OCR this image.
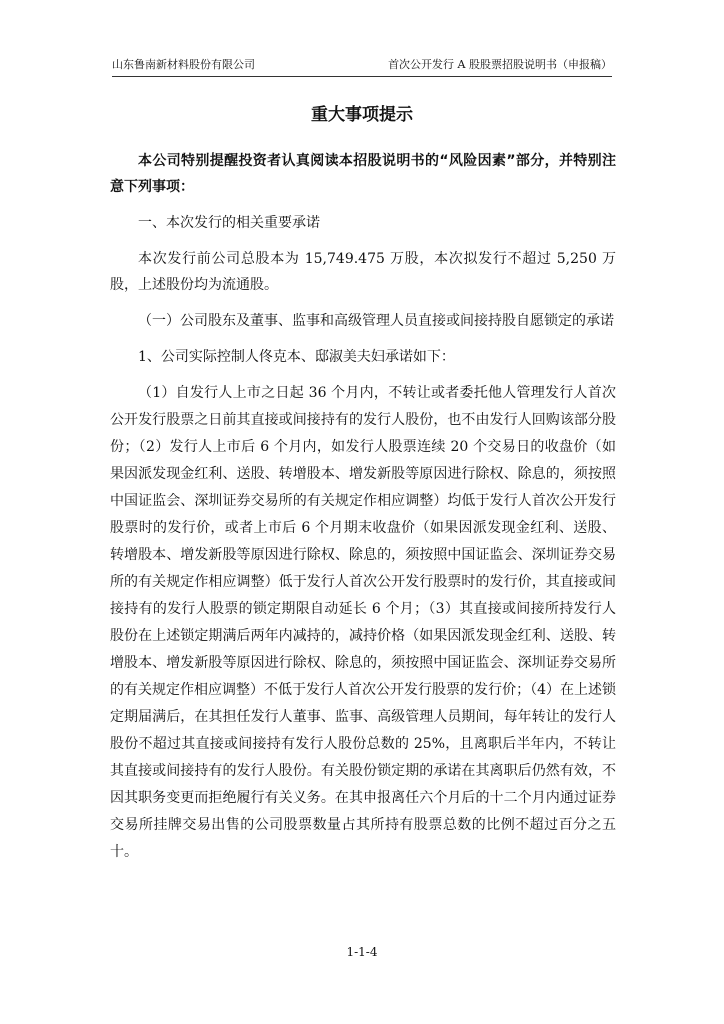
山东鲁南新材料股份有限公司	首次公开发行 A 股股票招股说明书（申报稿）
重大事项提示

本公司特别提醒投资者认真阅读本招股说明书的“风险因素”部分，并特别注意下列事项：

一、本次发行的相关重要承诺

本次发行前公司总股本为 15,749.475 万股，本次拟发行不超过 5,250 万股，上述股份均为流通股。

（一）公司股东及董事、监事和高级管理人员直接或间接持股自愿锁定的承诺

1、公司实际控制人佟克本、邸淑美夫妇承诺如下：

（1）自发行人上市之日起 36 个月内，不转让或者委托他人管理发行人首次公开发行股票之日前其直接或间接持有的发行人股份，也不由发行人回购该部分股份；（2）发行人上市后 6 个月内，如发行人股票连续 20 个交易日的收盘价（如果因派发现金红利、送股、转增股本、增发新股等原因进行除权、除息的，须按照中国证监会、深圳证券交易所的有关规定作相应调整）均低于发行人首次公开发行股票时的发行价，或者上市后 6 个月期末收盘价（如果因派发现金红利、送股、转增股本、增发新股等原因进行除权、除息的，须按照中国证监会、深圳证券交易所的有关规定作相应调整）低于发行人首次公开发行股票时的发行价，其直接或间接持有的发行人股票的锁定期限自动延长 6 个月；（3）其直接或间接所持发行人股份在上述锁定期满后两年内减持的，减持价格（如果因派发现金红利、送股、转增股本、增发新股等原因进行除权、除息的，须按照中国证监会、深圳证券交易所的有关规定作相应调整）不低于发行人首次公开发行股票的发行价；（4）在上述锁定期届满后，在其担任发行人董事、监事、高级管理人员期间，每年转让的发行人股份不超过其直接或间接持有发行人股份总数的 25%，且离职后半年内，不转让其直接或间接持有的发行人股份。有关股份锁定期的承诺在其离职后仍然有效，不因其职务变更而拒绝履行有关义务。在其申报离任六个月后的十二个月内通过证券交易所挂牌交易出售的公司股票数量占其所持有股票总数的比例不超过百分之五十。

1-1-4
